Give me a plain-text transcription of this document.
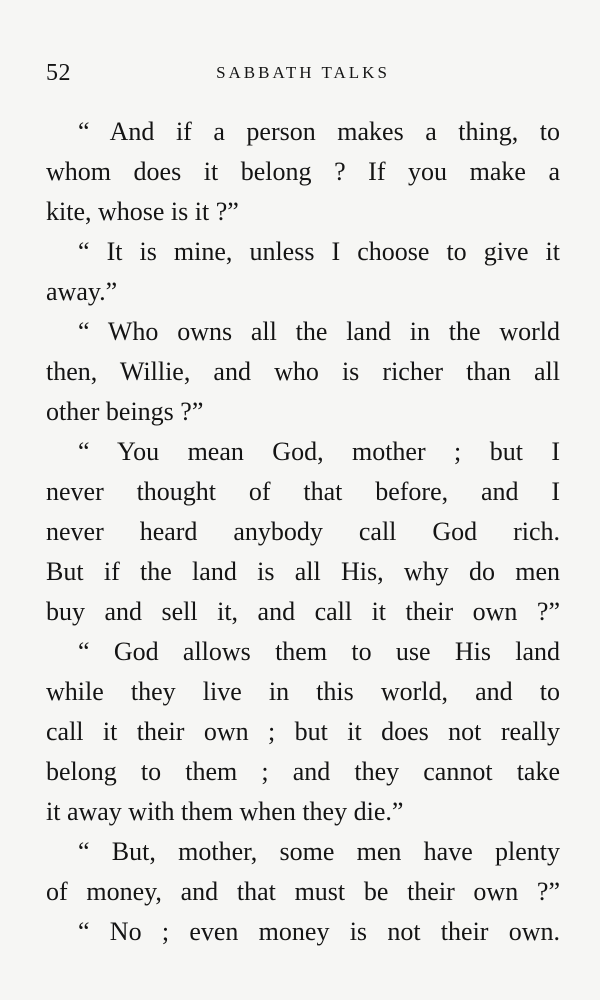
52	SABBATH TALKS
“ And if a person makes a thing, to
whom does it belong ? If you make a
kite, whose is it ?”
“ It is mine, unless I choose to give it
away.”
“ Who owns all the land in the world
then, Willie, and who is richer than all
other beings ?”
“ You mean God, mother ; but I
never thought of that before, and I
never heard anybody call God rich.
But if the land is all His, why do men
buy and sell it, and call it their own ?”
“ God allows them to use His land
while they live in this world, and to
call it their own ; but it does not really
belong to them ; and they cannot take
it away with them when they die.”
“ But, mother, some men have plenty
of money, and that must be their own ?”
“ No ; even money is not their own.
